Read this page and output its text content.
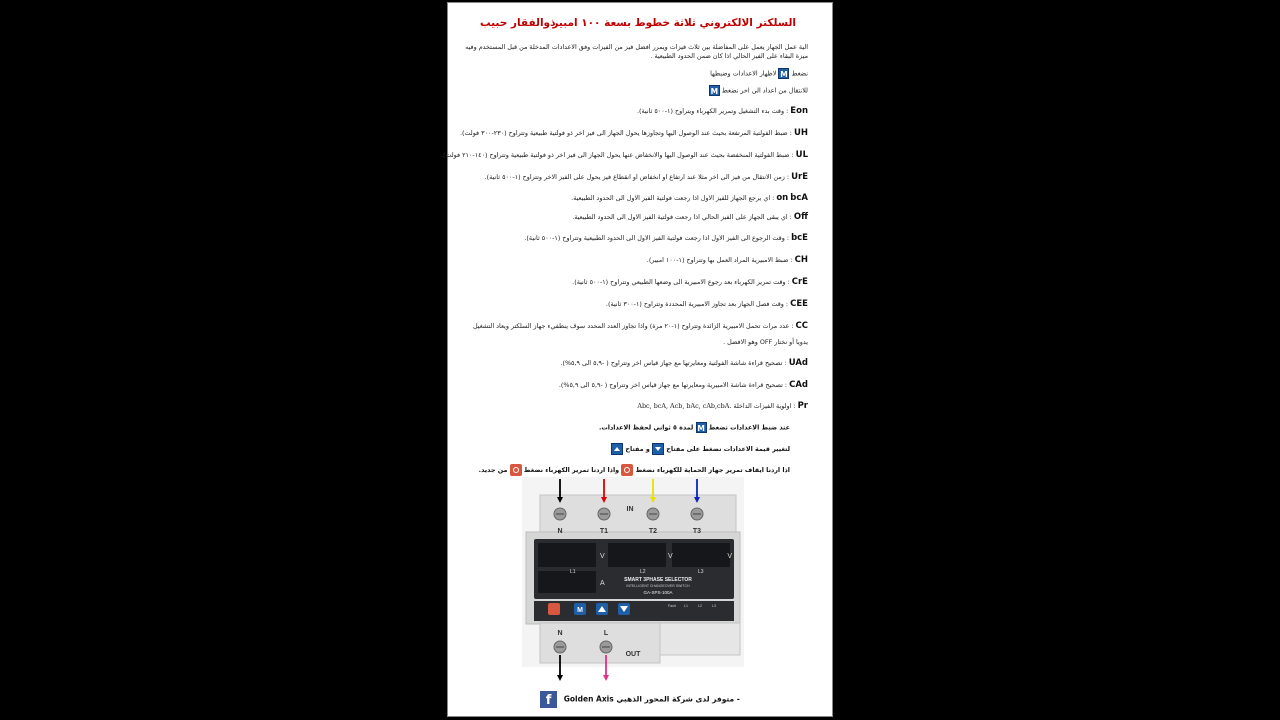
السلكتر الالكتروني ثلاثة خطوط بسعة ١٠٠ امبير
ذوالفقار حبيب

الية عمل الجهاز يعمل على المفاضلة بين ثلاث فيزات ويمرر افضل فيز من الفيزات وفق الاعدادات المدخلة من قبل المستخدم وفيه ميزة البقاء على الفيز الحالي اذا كان ضمن الحدود الطبيعية .

نضغط M لاظهار الاعدادات وضبطها
للانتقال من اعداد الى اخر نضغط M
Eon : وقت بدء التشغيل وتمرير الكهرباء ويتراوح (١-٥٠٠ ثانية).
UH : ضبط الفولتية المرتفعة بحيث عند الوصول اليها وتجاوزها يحول الجهاز الى فيز اخر ذو فولتية طبيعية وتتراوح (٢٣٠-٣٠٠ فولت).
UL : ضبط الفولتية المنخفضة بحيث عند الوصول اليها والانخفاض عنها يحول الجهاز الى فيز اخر ذو فولتية طبيعية وتتراوح (١٤٠-٢١٠ فولت).
UrE : زمن الانتقال من فيز الى اخر مثلا عند ارتفاع او انخفاض او انقطاع فيز يحول على الفيز الاخر وتتراوح (١-٥٠٠ ثانية).
bcA on : اي يرجع الجهاز للفيز الاول اذا رجعت فولتية الفيز الاول الى الحدود الطبيعية.
Off : اي يبقى الجهاز على الفيز الحالي اذا رجعت فولتية الفيز الاول الى الحدود الطبيعية.
bcE : وقت الرجوع الى الفيز الاول اذا رجعت فولتية الفيز الاول الى الحدود الطبيعية وتتراوح (١-٥٠٠ ثانية).
CH : ضبط الامبيرية المراد العمل بها وتتراوح (١-١٠٠ امبير).
CrE : وقت تمرير الكهرباء بعد رجوع الامبيرية الى وضعها الطبيعي وتتراوح (١-٥٠٠ ثانية).
CEE : وقت فصل الجهاز بعد تجاوز الامبيرية المحددة وتتراوح (١-٣٠٠ ثانية).
CC : عدد مرات تحمل الامبيرية الزائدة وتتراوح (١-٢٠ مرة) واذا تجاوز العدد المحدد سوف ينطفيء جهاز السلكتر ويعاد التشغيل
يدويا أو نختار OFF وهو الافضل .
UAd : تصحيح قراءة شاشة الفولتية ومعايرتها مع جهاز قياس اخر وتتراوح ( -٥,٩ الى ٥,٩%).
CAd : تصحيح قراءة شاشة الامبيرية ومعايرتها مع جهاز قياس اخر وتتراوح ( -٥,٩ الى ٥,٩%).
Pr : اولوية الفيزات الداخلة Abc, bcA, Acb, bAc, cAb,cbA.
عند ضبط الاعدادات نضغط M لمدة ٥ ثواني لحفظ الاعدادات.
لتغيير قيمة الاعدادات نضغط على مفتاح  و مفتاح
اذا اردنا ايقاف تمرير جهاز الحماية للكهرباء نضغط  واذا اردنا تمرير الكهرباء نضغط  من جديد.
N	T1	T2	T3
IN
V	V	V
A
L1	L2	L3
SMART 3PHASE SELECTOR
INTELLIGENT CHANGEOVER SWITCH
GA-SPS-100A
M
Fault L1	L2	L3
N	L
OUT
f Golden Axis متوفر لدى شركة المحور الذهبي -
